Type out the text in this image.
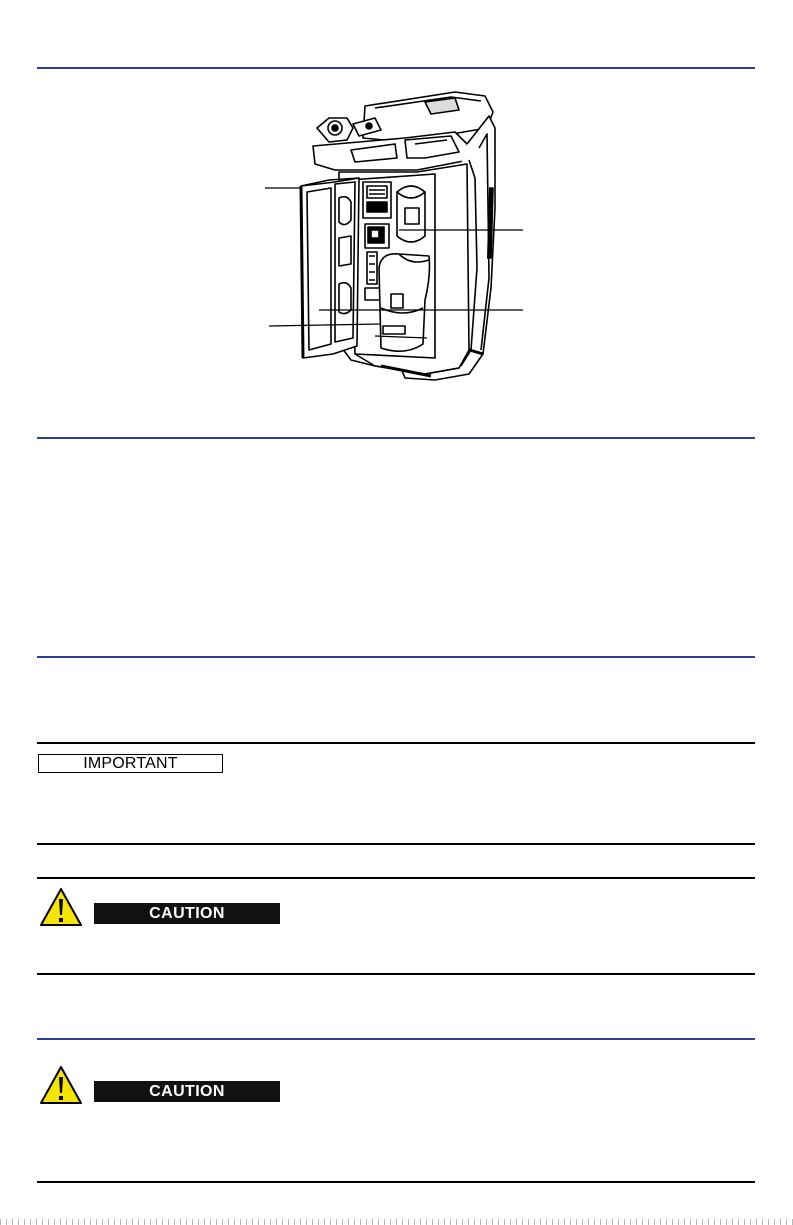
IMPORTANT
CAUTION
CAUTION
